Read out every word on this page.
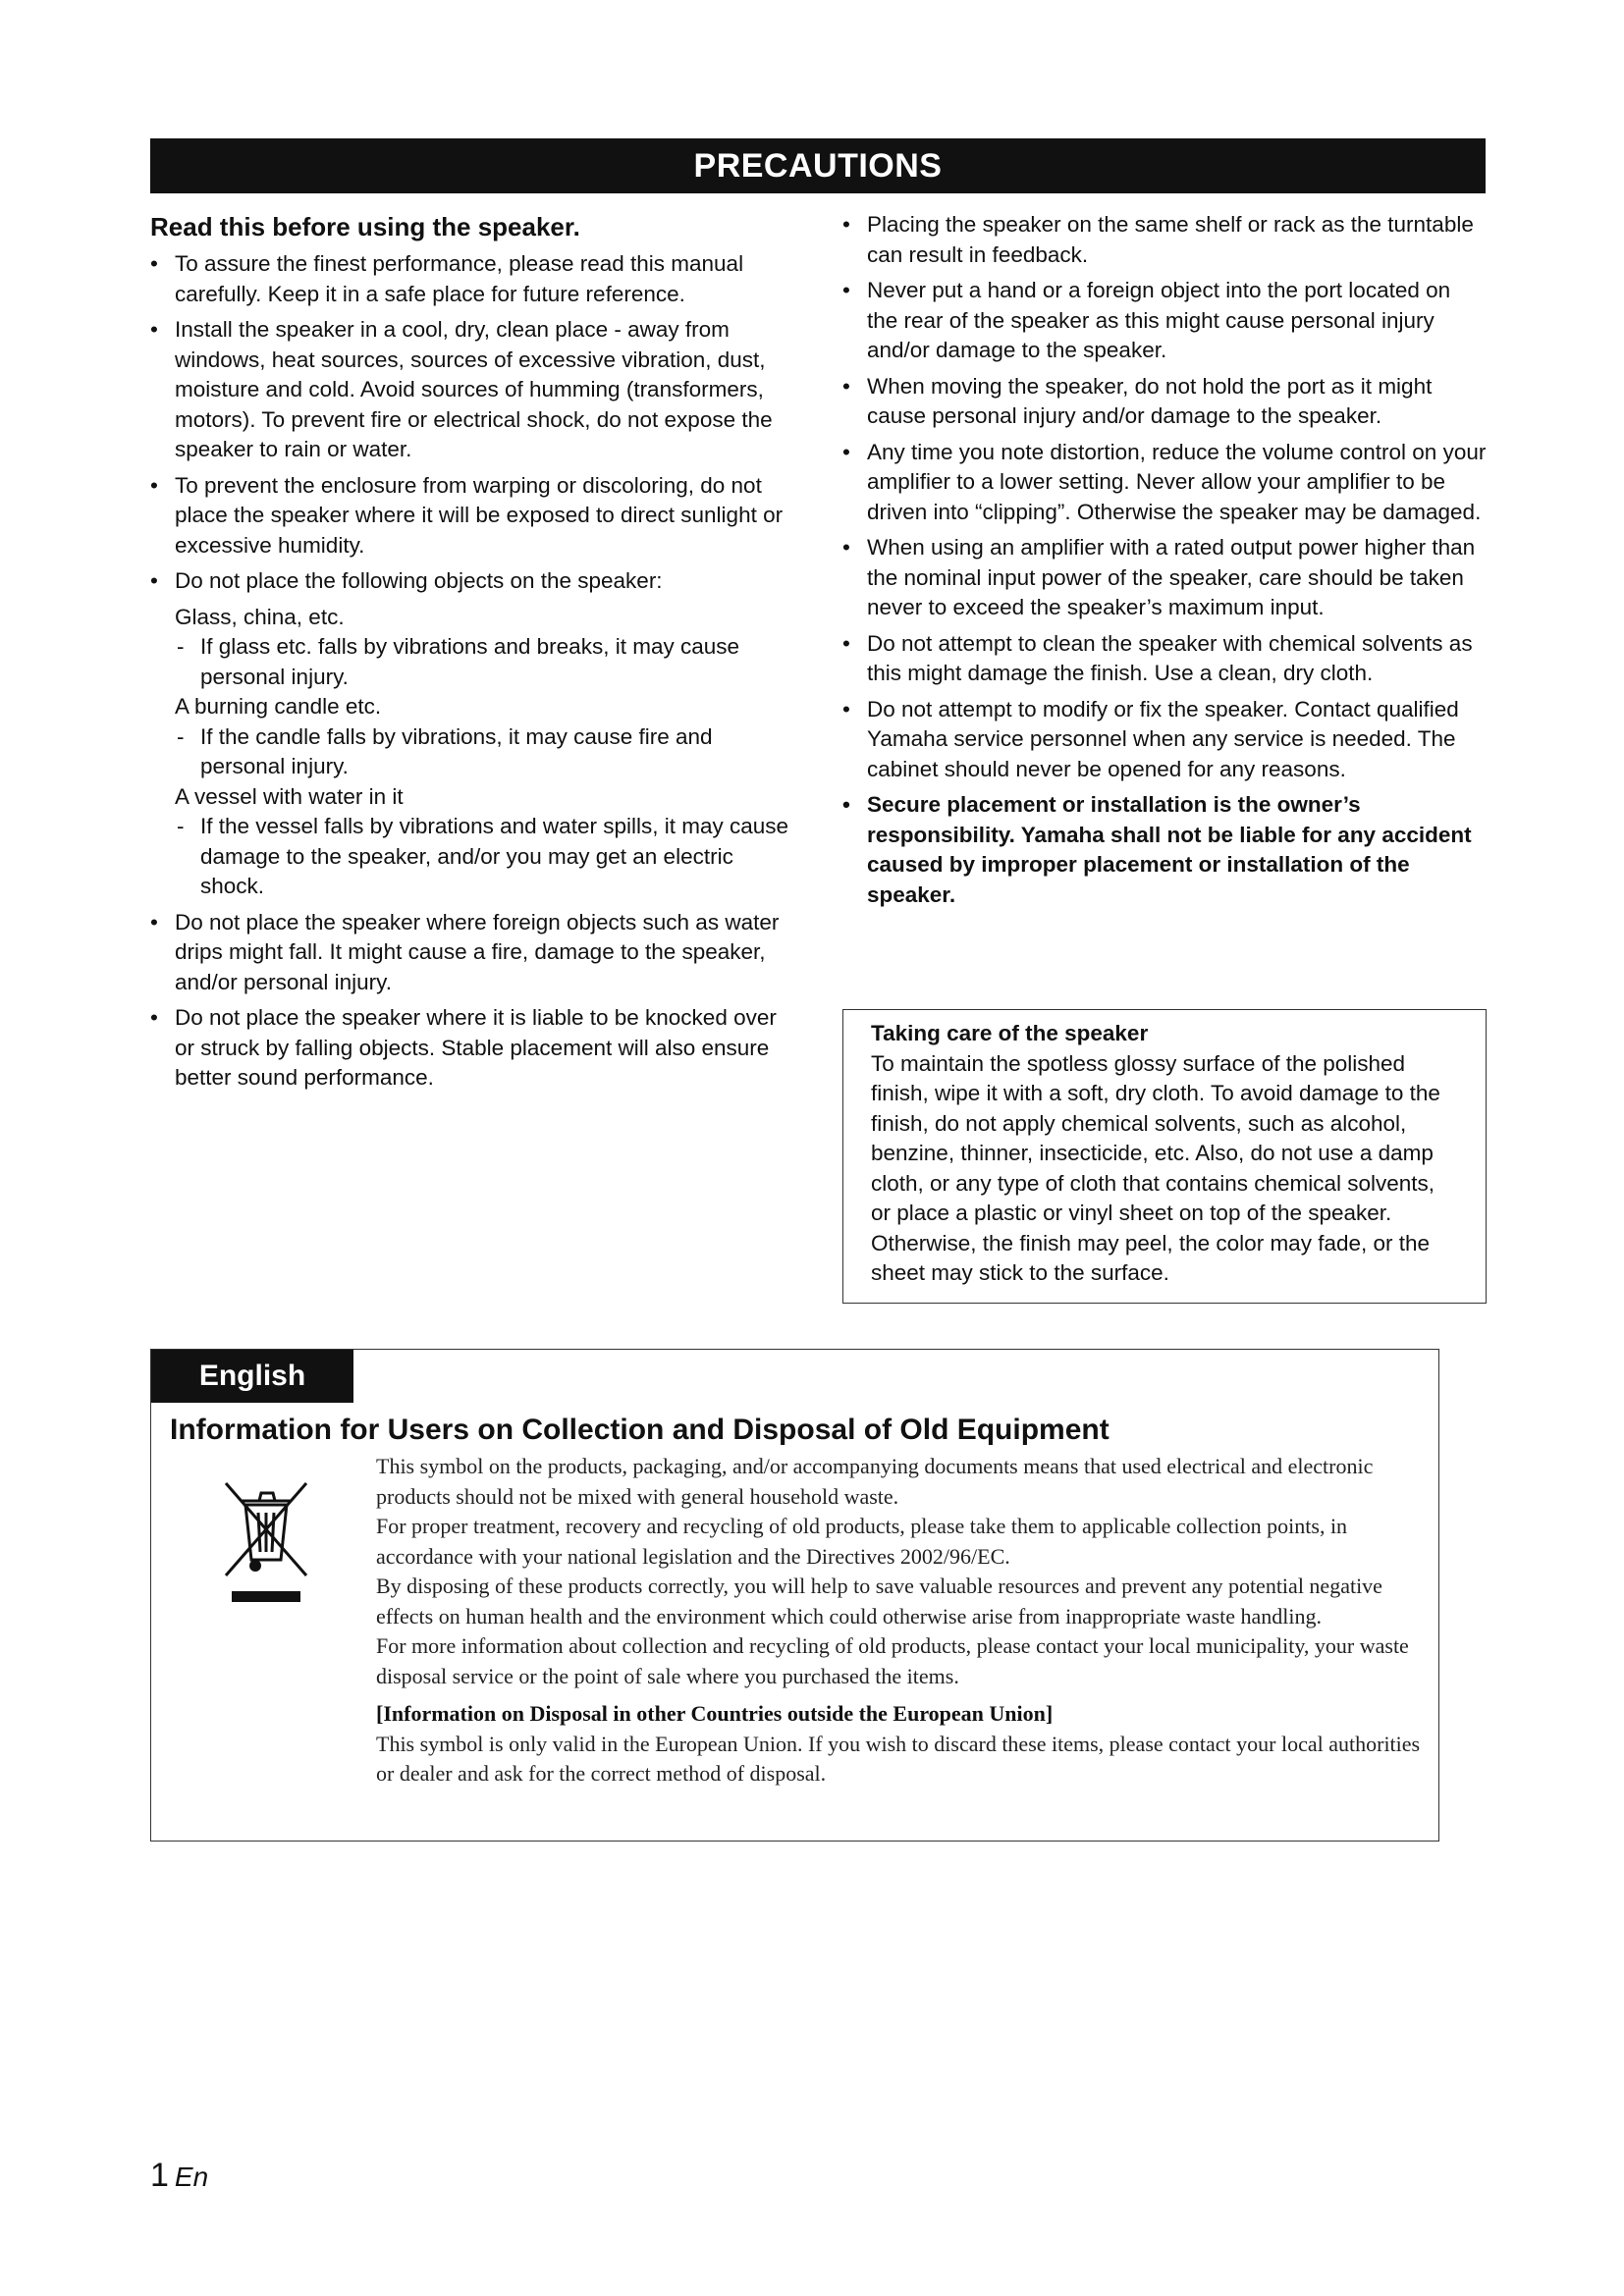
PRECAUTIONS
Read this before using the speaker.
• To assure the finest performance, please read this manual carefully. Keep it in a safe place for future reference.
• Install the speaker in a cool, dry, clean place - away from windows, heat sources, sources of excessive vibration, dust, moisture and cold. Avoid sources of humming (transformers, motors). To prevent fire or electrical shock, do not expose the speaker to rain or water.
• To prevent the enclosure from warping or discoloring, do not place the speaker where it will be exposed to direct sunlight or excessive humidity.
• Do not place the following objects on the speaker:
Glass, china, etc.
- If glass etc. falls by vibrations and breaks, it may cause personal injury.
A burning candle etc.
- If the candle falls by vibrations, it may cause fire and personal injury.
A vessel with water in it
- If the vessel falls by vibrations and water spills, it may cause damage to the speaker, and/or you may get an electric shock.
• Do not place the speaker where foreign objects such as water drips might fall. It might cause a fire, damage to the speaker, and/or personal injury.
• Do not place the speaker where it is liable to be knocked over or struck by falling objects. Stable placement will also ensure better sound performance.
• Placing the speaker on the same shelf or rack as the turntable can result in feedback.
• Never put a hand or a foreign object into the port located on the rear of the speaker as this might cause personal injury and/or damage to the speaker.
• When moving the speaker, do not hold the port as it might cause personal injury and/or damage to the speaker.
• Any time you note distortion, reduce the volume control on your amplifier to a lower setting. Never allow your amplifier to be driven into “clipping”. Otherwise the speaker may be damaged.
• When using an amplifier with a rated output power higher than the nominal input power of the speaker, care should be taken never to exceed the speaker’s maximum input.
• Do not attempt to clean the speaker with chemical solvents as this might damage the finish. Use a clean, dry cloth.
• Do not attempt to modify or fix the speaker. Contact qualified Yamaha service personnel when any service is needed. The cabinet should never be opened for any reasons.
• Secure placement or installation is the owner’s responsibility. Yamaha shall not be liable for any accident caused by improper placement or installation of the speaker.
Taking care of the speaker
To maintain the spotless glossy surface of the polished finish, wipe it with a soft, dry cloth. To avoid damage to the finish, do not apply chemical solvents, such as alcohol, benzine, thinner, insecticide, etc. Also, do not use a damp cloth, or any type of cloth that contains chemical solvents, or place a plastic or vinyl sheet on top of the speaker. Otherwise, the finish may peel, the color may fade, or the sheet may stick to the surface.
English
Information for Users on Collection and Disposal of Old Equipment

This symbol on the products, packaging, and/or accompanying documents means that used electrical and electronic products should not be mixed with general household waste.

For proper treatment, recovery and recycling of old products, please take them to applicable collection points, in accordance with your national legislation and the Directives 2002/96/EC.

By disposing of these products correctly, you will help to save valuable resources and prevent any potential negative effects on human health and the environment which could otherwise arise from inappropriate waste handling.

For more information about collection and recycling of old products, please contact your local municipality, your waste disposal service or the point of sale where you purchased the items.

[Information on Disposal in other Countries outside the European Union]

This symbol is only valid in the European Union. If you wish to discard these items, please contact your local authorities or dealer and ask for the correct method of disposal.

1 En
